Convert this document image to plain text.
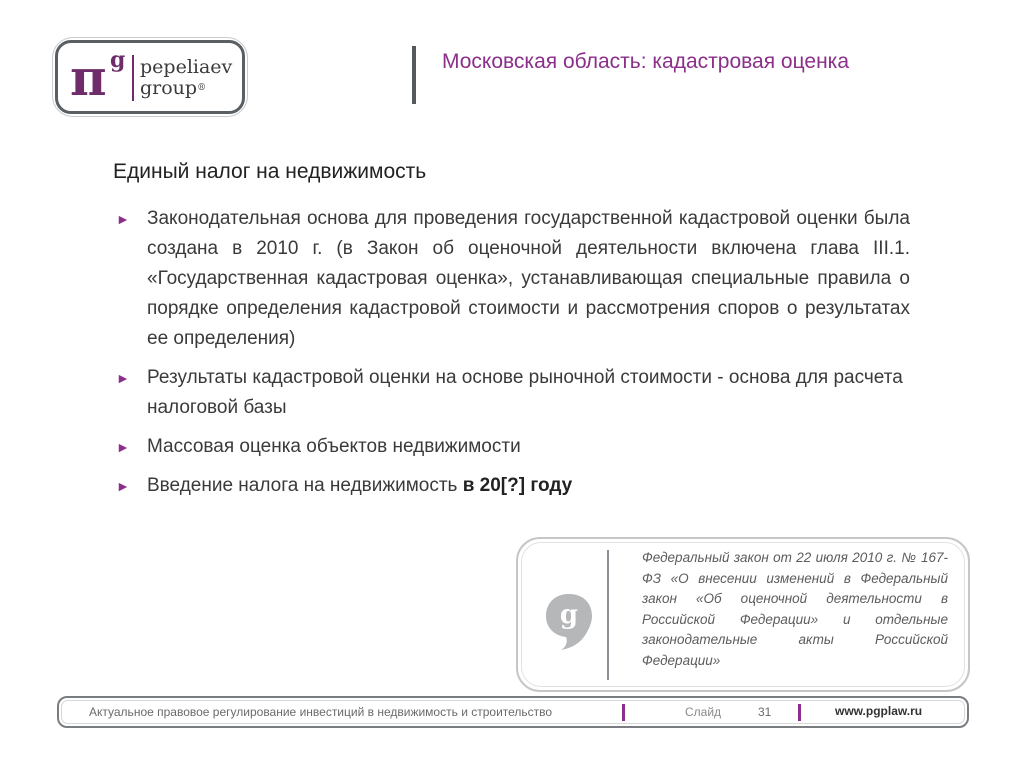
π g pepeliaev
group®
Московская область: кадастровая оценка
Единый налог на недвижимость
► Законодательная основа для проведения государственной кадастровой оценки была создана в 2010 г. (в Закон об оценочной деятельности включена глава III.1. «Государственная кадастровая оценка», устанавливающая специальные правила о порядке определения кадастровой стоимости и рассмотрения споров о результатах ее определения)
► Результаты кадастровой оценки на основе рыночной стоимости - основа для расчета налоговой базы
► Массовая оценка объектов недвижимости
► Введение налога на недвижимость в 20[?] году
g
Федеральный закон от 22 июля 2010 г. № 167-ФЗ «О внесении изменений в Федеральный закон «Об оценочной деятельности в Российской Федерации» и отдельные законодательные акты Российской Федерации»
Актуальное правовое регулирование инвестиций в недвижимость и строительство	Слайд	31	www.pgplaw.ru
